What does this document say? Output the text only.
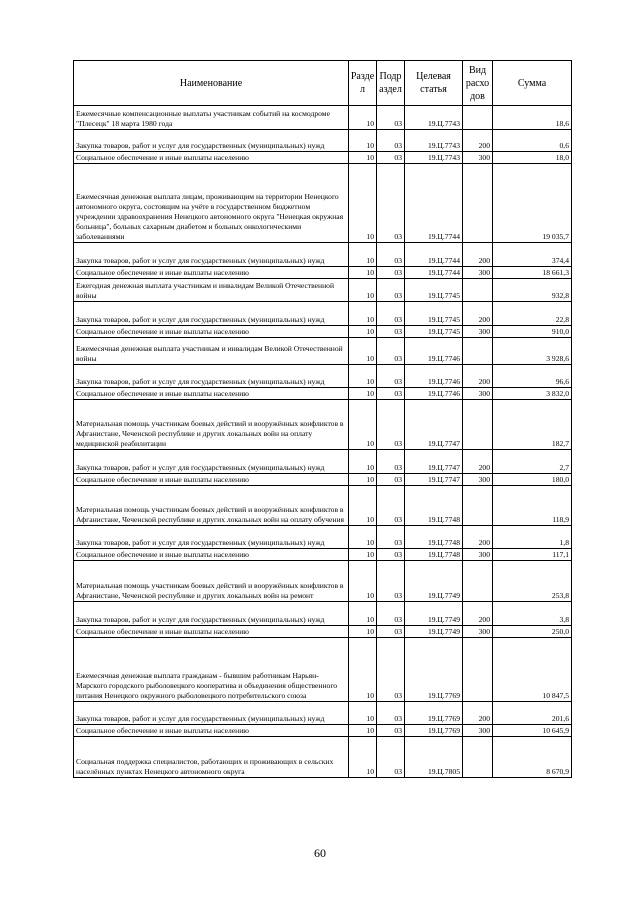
Наименование	Разде л	Подр аздел	Целевая статья	Вид расхо дов	Сумма
Ежемесячные компенсационные выплаты участникам событий на космодроме "Плесецк" 18 марта 1980 года	10	03	19.Ц.7743		18,6
Закупка товаров, работ и услуг для государственных (муниципальных) нужд	10	03	19.Ц.7743	200	0,6
Социальное обеспечение и иные выплаты населению	10	03	19.Ц.7743	300	18,0
Ежемесячная денежная выплата лицам, проживающим на территории Ненецкого автономного округа, состоящим на учёте в государственном бюджетном учреждении здравоохранения Ненецкого автономного округа "Ненецкая окружная больница", больных сахарным диабетом и больных онкологическими заболеваниями	10	03	19.Ц.7744		19 035,7
Закупка товаров, работ и услуг для государственных (муниципальных) нужд	10	03	19.Ц.7744	200	374,4
Социальное обеспечение и иные выплаты населению	10	03	19.Ц.7744	300	18 661,3
Ежегодная денежная выплата участникам и инвалидам Великой Отечественной войны	10	03	19.Ц.7745		932,8
Закупка товаров, работ и услуг для государственных (муниципальных) нужд	10	03	19.Ц.7745	200	22,8
Социальное обеспечение и иные выплаты населению	10	03	19.Ц.7745	300	910,0
Ежемесячная денежная выплата участникам и инвалидам Великой Отечественной войны	10	03	19.Ц.7746		3 928,6
Закупка товаров, работ и услуг для государственных (муниципальных) нужд	10	03	19.Ц.7746	200	96,6
Социальное обеспечение и иные выплаты населению	10	03	19.Ц.7746	300	3 832,0
Материальная помощь участникам боевых действий и вооружённых конфликтов в Афганистане, Чеченской республике и других локальных войн на оплату медицинской реабилитации	10	03	19.Ц.7747		182,7
Закупка товаров, работ и услуг для государственных (муниципальных) нужд	10	03	19.Ц.7747	200	2,7
Социальное обеспечение и иные выплаты населению	10	03	19.Ц.7747	300	180,0
Материальная помощь участникам боевых действий и вооружённых конфликтов в Афганистане, Чеченской республике и других локальных войн на оплату обучения	10	03	19.Ц.7748		118,9
Закупка товаров, работ и услуг для государственных (муниципальных) нужд	10	03	19.Ц.7748	200	1,8
Социальное обеспечение и иные выплаты населению	10	03	19.Ц.7748	300	117,1
Материальная помощь участникам боевых действий и вооружённых конфликтов в Афганистане, Чеченской республике и других локальных войн на ремонт	10	03	19.Ц.7749		253,8
Закупка товаров, работ и услуг для государственных (муниципальных) нужд	10	03	19.Ц.7749	200	3,8
Социальное обеспечение и иные выплаты населению	10	03	19.Ц.7749	300	250,0
Ежемесячная денежная выплата гражданам - бывшим работникам Нарьян-Марского городского рыболовецкого кооператива и объединения общественного питания Ненецкого окружного рыболовецкого потребительского союза	10	03	19.Ц.7769		10 847,5
Закупка товаров, работ и услуг для государственных (муниципальных) нужд	10	03	19.Ц.7769	200	201,6
Социальное обеспечение и иные выплаты населению	10	03	19.Ц.7769	300	10 645,9
Социальная поддержка специалистов, работающих и проживающих в сельских населённых пунктах Ненецкого автономного округа	10	03	19.Ц.7805		8 670,9
60
